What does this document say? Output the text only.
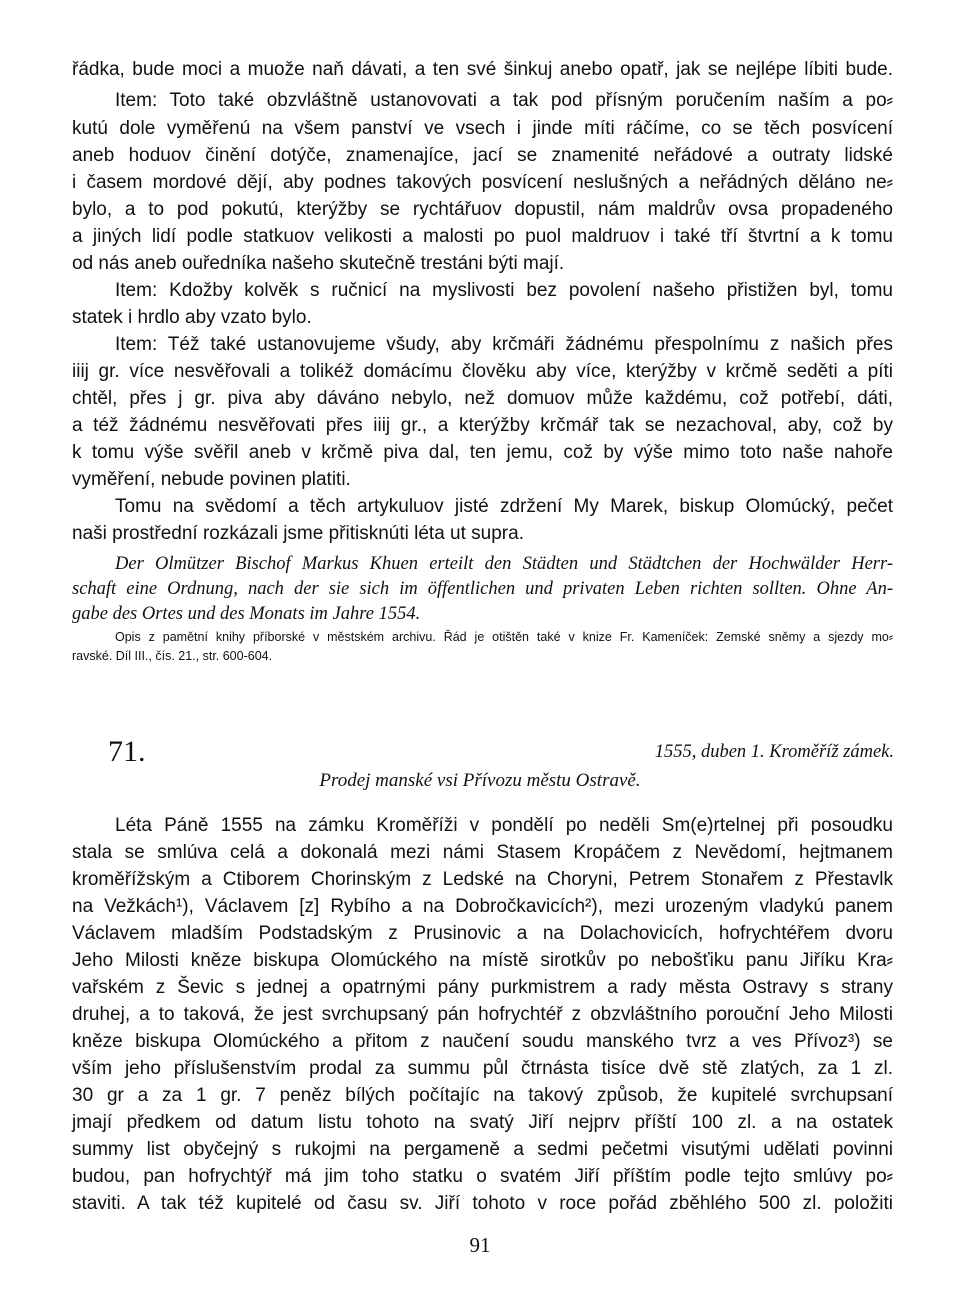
řádka, bude moci a muože naň dávati, a ten své šinkuj anebo opatř, jak se nejlépe líbiti bude.
Item: Toto také obzvláštně ustanovovati a tak pod přísným poručením naším a po⸗
kutú dole vyměřenú na všem panství ve vsech i jinde míti ráčíme, co se těch posvícení
aneb hoduov činění dotýče, znamenajíce, jací se znamenité neřádové a outraty lidské
i časem mordové dějí, aby podnes takových posvícení neslušných a neřádných děláno ne⸗
bylo, a to pod pokutú, kterýžby se rychtářuov dopustil, nám maldrův ovsa propadeného
a jiných lidí podle statkuov velikosti a malosti po puol maldruov i také tří štvrtní a k tomu
od nás aneb ouředníka našeho skutečně trestáni býti mají.
Item: Kdožby kolvěk s ručnicí na myslivosti bez povolení našeho přistižen byl, tomu
statek i hrdlo aby vzato bylo.
Item: Též také ustanovujeme všudy, aby krčmáři žádnému přespolnímu z našich přes
iiij gr. více nesvěřovali a tolikéž domácímu člověku aby více, kterýžby v krčmě seděti a píti
chtěl, přes j gr. piva aby dáváno nebylo, než domuov může každému, což potřebí, dáti,
a též žádnému nesvěřovati přes iiij gr., a kterýžby krčmář tak se nezachoval, aby, což by
k tomu výše svěřil aneb v krčmě piva dal, ten jemu, což by výše mimo toto naše nahoře
vyměření, nebude povinen platiti.
Tomu na svědomí a těch artykuluov jisté zdržení My Marek, biskup Olomúcký, pečet
naši prostřední rozkázali jsme přitisknúti léta ut supra.
Der Olmützer Bischof Markus Khuen erteilt den Städten und Städtchen der Hochwälder Herr-
schaft eine Ordnung, nach der sie sich im öffentlichen und privaten Leben richten sollten. Ohne An-
gabe des Ortes und des Monats im Jahre 1554.
Opis z pamětní knihy příborské v městském archivu. Řád je otištěn také v knize Fr. Kameníček: Zemské sněmy a sjezdy mo⸗
ravské. Díl III., čís. 21., str. 600-604.
71.	1555, duben 1. Kroměříž zámek.
Prodej manské vsi Přívozu městu Ostravě.
Léta Páně 1555 na zámku Kroměříži v pondělí po neděli Sm(e)rtelnej při posoudku
stala se smlúva celá a dokonalá mezi námi Stasem Kropáčem z Nevědomí, hejtmanem
kroměřížským a Ctiborem Chorinským z Ledské na Choryni, Petrem Stonařem z Přestavlk
na Vežkách¹), Václavem [z] Rybího a na Dobročkavicích²), mezi urozeným vladykú panem
Václavem mladším Podstadským z Prusinovic a na Dolachovicích, hofrychtéřem dvoru
Jeho Milosti kněze biskupa Olomúckého na místě sirotkův po nebošťiku panu Jiříku Kra⸗
vařském z Ševic s jednej a opatrnými pány purkmistrem a rady města Ostravy s strany
druhej, a to taková, že jest svrchupsaný pán hofrychtéř z obzvláštního porouční Jeho Milosti
kněze biskupa Olomúckého a přitom z naučení soudu manského tvrz a ves Přívoz³) se
vším jeho příslušenstvím prodal za summu půl čtrnásta tisíce dvě stě zlatých, za 1 zl.
30 gr a za 1 gr. 7 peněz bílých počítajíc na takový způsob, že kupitelé svrchupsaní
jmají předkem od datum listu tohoto na svatý Jiří nejprv příští 100 zl. a na ostatek
summy list obyčejný s rukojmi na pergameně a sedmi pečetmi visutými udělati povinni
budou, pan hofrychtýř má jim toho statku o svatém Jiří příštím podle tejto smlúvy po⸗
staviti. A tak též kupitelé od času sv. Jiří tohoto v roce pořád zběhlého 500 zl. položiti
91
